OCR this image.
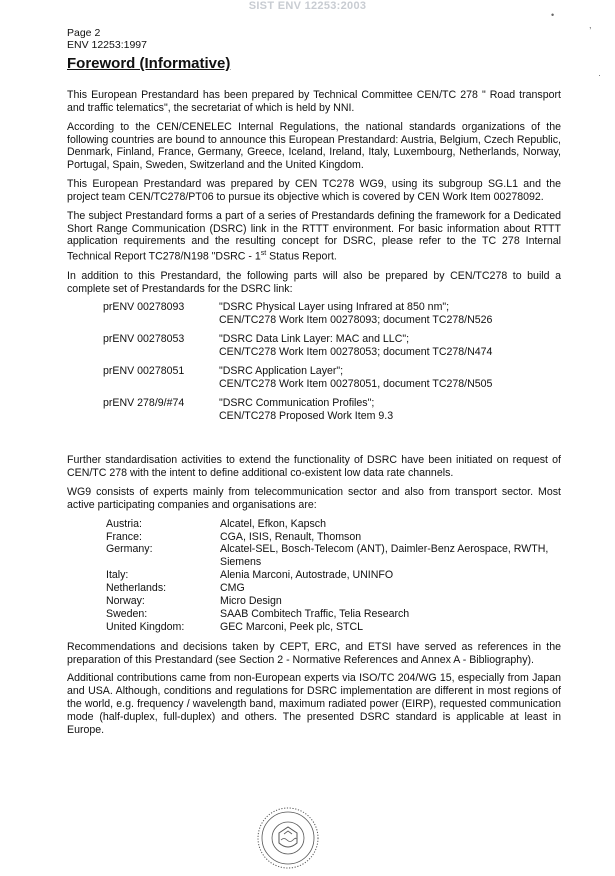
SIST ENV 12253:2003
Page 2
ENV 12253:1997
Foreword (Informative)

This European Prestandard has been prepared by Technical Committee CEN/TC 278 " Road transport and traffic telematics", the secretariat of which is held by NNI.

According to the CEN/CENELEC Internal Regulations, the national standards organizations of the following countries are bound to announce this European Prestandard: Austria, Belgium, Czech Republic, Denmark, Finland, France, Germany, Greece, Iceland, Ireland, Italy, Luxembourg, Netherlands, Norway, Portugal, Spain, Sweden, Switzerland and the United Kingdom.

This European Prestandard was prepared by CEN TC278 WG9, using its subgroup SG.L1 and the project team CEN/TC278/PT06 to pursue its objective which is covered by CEN Work Item 00278092.

The subject Prestandard forms a part of a series of Prestandards defining the framework for a Dedicated Short Range Communication (DSRC) link in the RTTT environment. For basic information about RTTT application requirements and the resulting concept for DSRC, please refer to the TC 278 Internal Technical Report TC278/N198 "DSRC - 1st Status Report.

In addition to this Prestandard, the following parts will also be prepared by CEN/TC278 to build a complete set of Prestandards for the DSRC link:

prENV 00278093	"DSRC Physical Layer using Infrared at 850 nm";
CEN/TC278 Work Item 00278093; document TC278/N526
prENV 00278053	"DSRC Data Link Layer: MAC and LLC";
CEN/TC278 Work Item 00278053; document TC278/N474
prENV 00278051	"DSRC Application Layer";
CEN/TC278 Work Item 00278051, document TC278/N505
prENV 278/9/#74	"DSRC Communication Profiles";
CEN/TC278 Proposed Work Item 9.3

Further standardisation activities to extend the functionality of DSRC have been initiated on request of CEN/TC 278 with the intent to define additional co-existent low data rate channels.

WG9 consists of experts mainly from telecommunication sector and also from transport sector. Most active participating companies and organisations are:

Austria:	Alcatel, Efkon, Kapsch
France:	CGA, ISIS, Renault, Thomson
Germany:	Alcatel-SEL, Bosch-Telecom (ANT), Daimler-Benz Aerospace, RWTH, Siemens
Italy:	Alenia Marconi, Autostrade, UNINFO
Netherlands:	CMG
Norway:	Micro Design
Sweden:	SAAB Combitech Traffic, Telia Research
United Kingdom:	GEC Marconi, Peek plc, STCL

Recommendations and decisions taken by CEPT, ERC, and ETSI have served as references in the preparation of this Prestandard (see Section 2 - Normative References and Annex A - Bibliography).

Additional contributions came from non-European experts via ISO/TC 204/WG 15, especially from Japan and USA. Although, conditions and regulations for DSRC implementation are different in most regions of the world, e.g. frequency / wavelength band, maximum radiated power (EIRP), requested communication mode (half-duplex, full-duplex) and others. The presented DSRC standard is applicable at least in Europe.

•
,
·
